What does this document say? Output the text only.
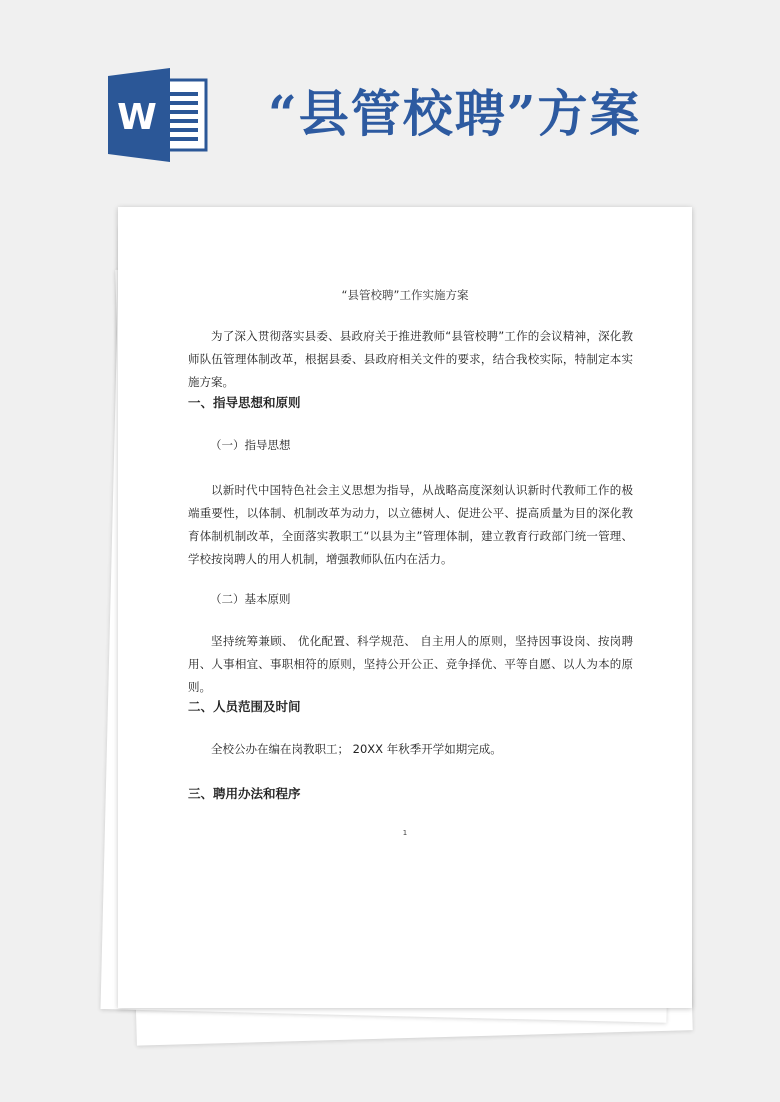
W “县管校聘”方案
“县管校聘”工作实施方案
为了深入贯彻落实县委、县政府关于推进教师“县管校聘”工作的会议精神，深化教师队伍管理体制改革，根据县委、县政府相关文件的要求，结合我校实际，特制定本实施方案。
一、指导思想和原则
（一）指导思想
以新时代中国特色社会主义思想为指导，从战略高度深刻认识新时代教师工作的极端重要性，以体制、机制改革为动力，以立德树人、促进公平、提高质量为目的深化教育体制机制改革，全面落实教职工“以县为主”管理体制，建立教育行政部门统一管理、学校按岗聘人的用人机制，增强教师队伍内在活力。
（二）基本原则
坚持统筹兼顾、 优化配置、科学规范、 自主用人的原则，坚持因事设岗、按岗聘用、人事相宜、事职相符的原则，坚持公开公正、竞争择优、平等自愿、以人为本的原则。
二、人员范围及时间
全校公办在编在岗教职工； 20XX 年秋季开学如期完成。
三、聘用办法和程序
1
